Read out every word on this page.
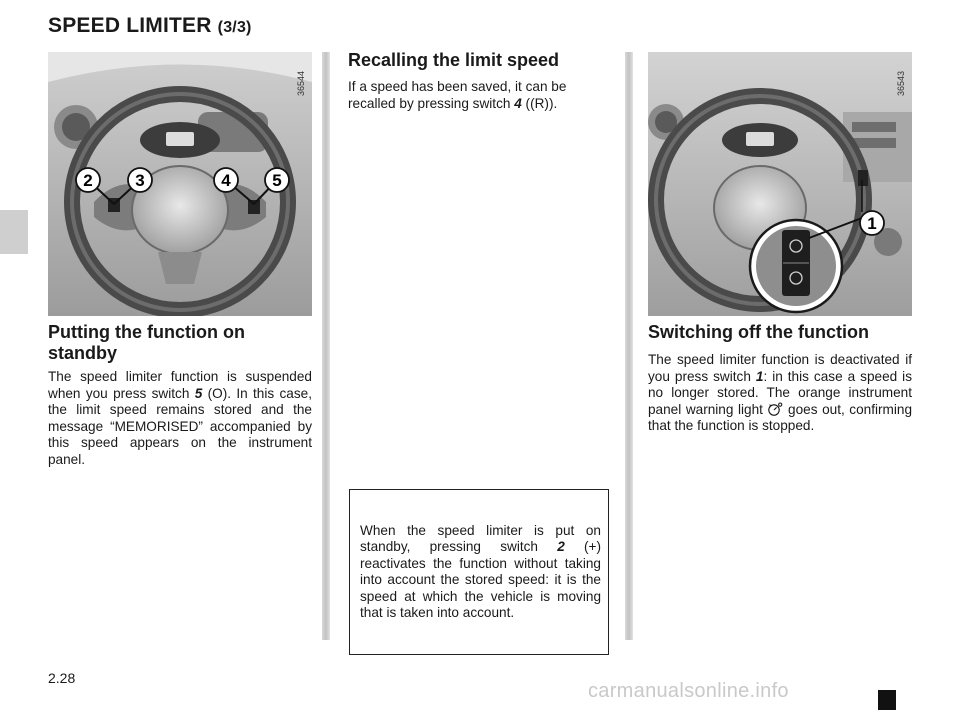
SPEED LIMITER (3/3)
2	3	4 5
36544
1
36543
Putting the function on standby

The speed limiter function is suspended when you press switch 5 (O). In this case, the limit speed remains stored and the message “MEMORISED” accompanied by this speed appears on the instrument panel.

Recalling the limit speed

If a speed has been saved, it can be recalled by pressing switch 4 ((R)).

When the speed limiter is put on standby, pressing switch 2 (+) reactivates the function without taking into account the stored speed: it is the speed at which the vehicle is moving that is taken into account.

Switching off the function

The speed limiter function is deactivated if you press switch 1: in this case a speed is no longer stored. The orange instrument panel warning light  goes out, confirming that the function is stopped.

2.28
carmanualsonline.info
